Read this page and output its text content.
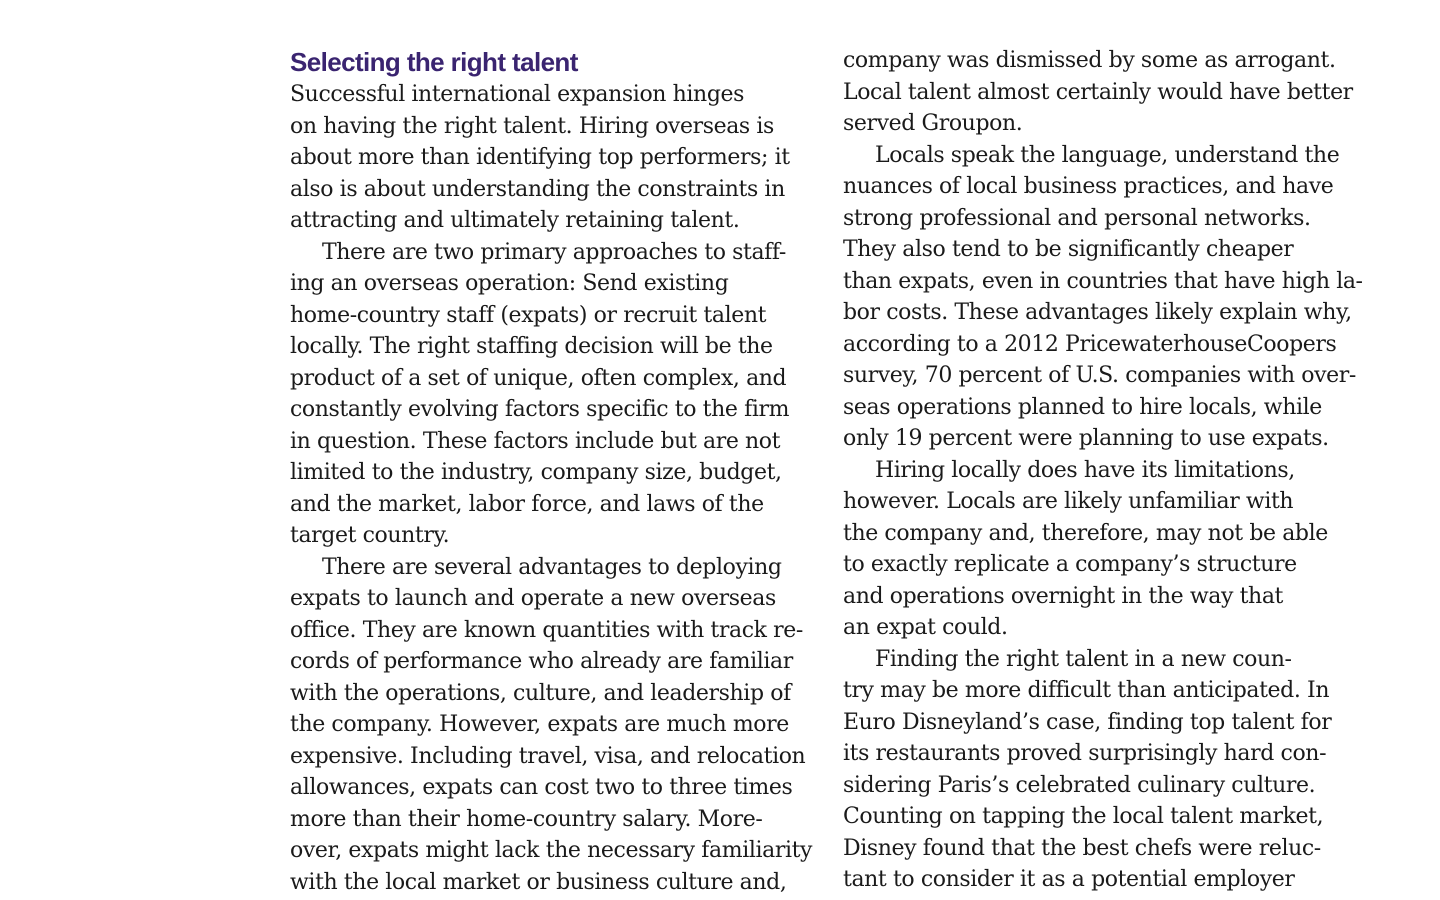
Selecting the right talent
Successful international expansion hinges
on having the right talent. Hiring overseas is
about more than identifying top performers; it
also is about understanding the constraints in
attracting and ultimately retaining talent.
There are two primary approaches to staff-
ing an overseas operation: Send existing
home-country staff (expats) or recruit talent
locally. The right staffing decision will be the
product of a set of unique, often complex, and
constantly evolving factors specific to the firm
in question. These factors include but are not
limited to the industry, company size, budget,
and the market, labor force, and laws of the
target country.
There are several advantages to deploying
expats to launch and operate a new overseas
office. They are known quantities with track re-
cords of performance who already are familiar
with the operations, culture, and leadership of
the company. However, expats are much more
expensive. Including travel, visa, and relocation
allowances, expats can cost two to three times
more than their home-country salary. More-
over, expats might lack the necessary familiarity
with the local market or business culture and,
company was dismissed by some as arrogant.
Local talent almost certainly would have better
served Groupon.
Locals speak the language, understand the
nuances of local business practices, and have
strong professional and personal networks.
They also tend to be significantly cheaper
than expats, even in countries that have high la-
bor costs. These advantages likely explain why,
according to a 2012 PricewaterhouseCoopers
survey, 70 percent of U.S. companies with over-
seas operations planned to hire locals, while
only 19 percent were planning to use expats.
Hiring locally does have its limitations,
however. Locals are likely unfamiliar with
the company and, therefore, may not be able
to exactly replicate a company’s structure
and operations overnight in the way that
an expat could.
Finding the right talent in a new coun-
try may be more difficult than anticipated. In
Euro Disneyland’s case, finding top talent for
its restaurants proved surprisingly hard con-
sidering Paris’s celebrated culinary culture.
Counting on tapping the local talent market,
Disney found that the best chefs were reluc-
tant to consider it as a potential employer
